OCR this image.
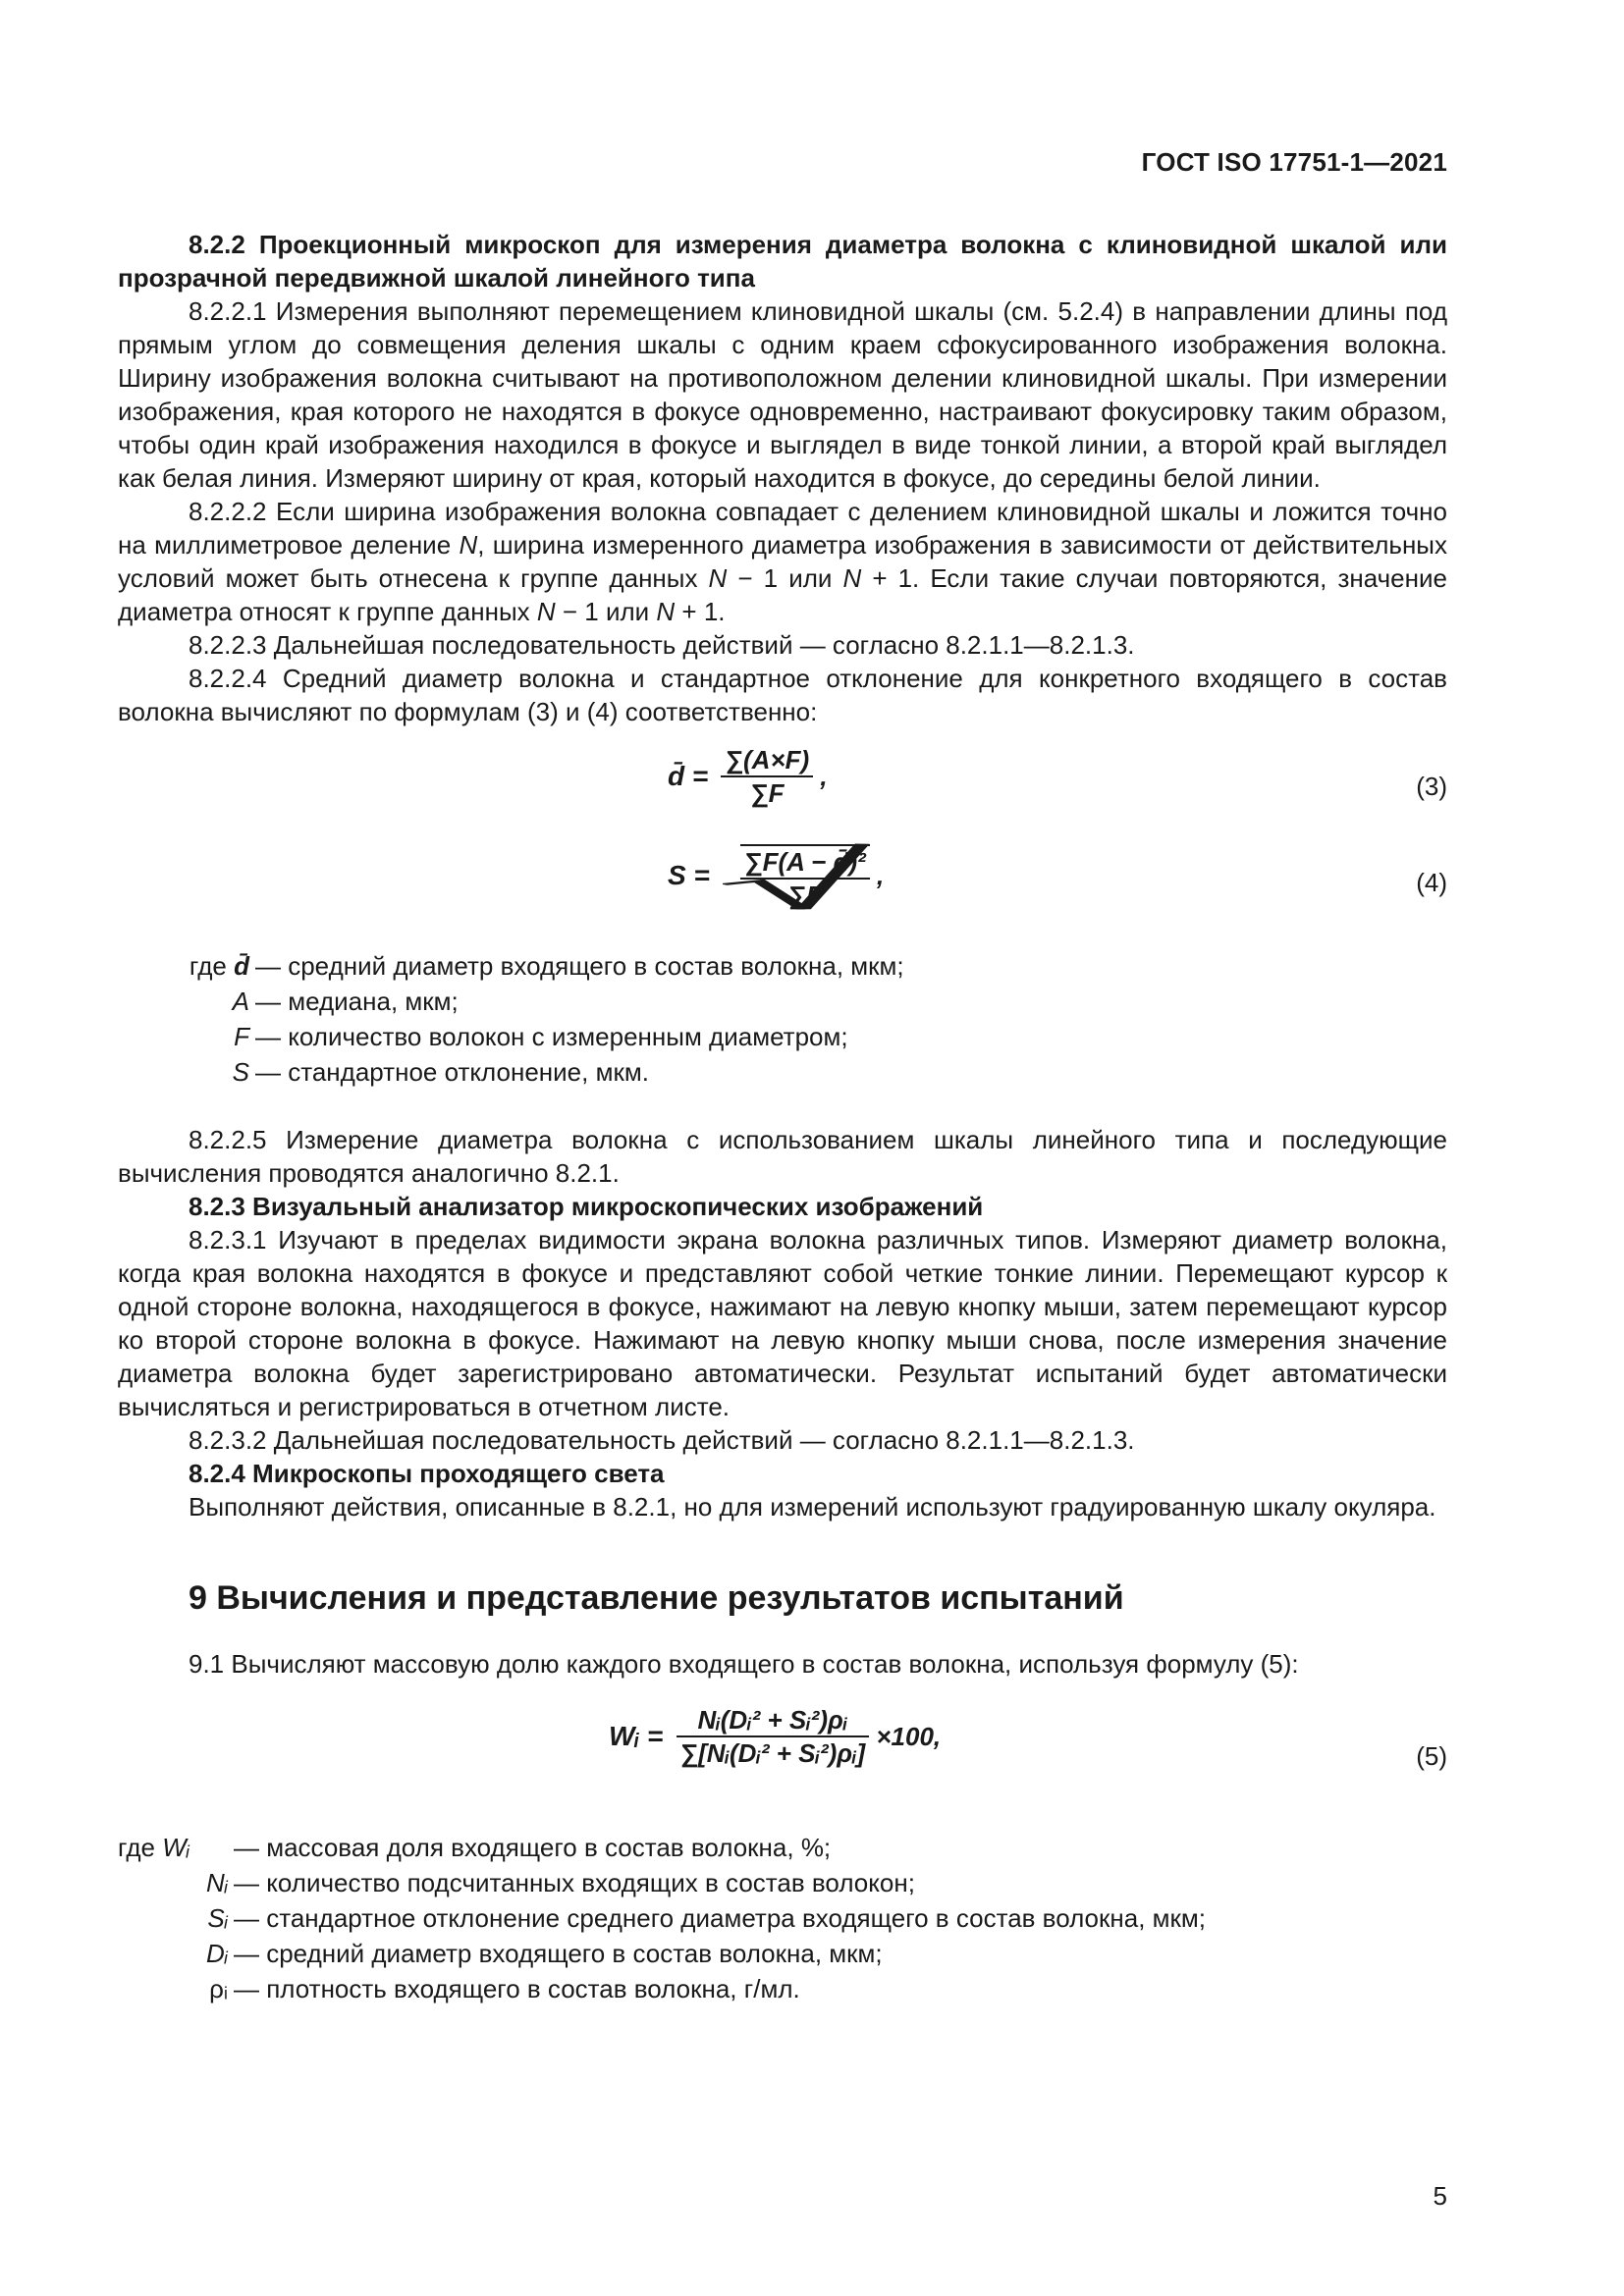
ГОСТ ISO 17751-1—2021

8.2.2 Проекционный микроскоп для измерения диаметра волокна с клиновидной шкалой или прозрачной передвижной шкалой линейного типа

8.2.2.1 Измерения выполняют перемещением клиновидной шкалы (см. 5.2.4) в направлении длины под прямым углом до совмещения деления шкалы с одним краем сфокусированного изображения волокна. Ширину изображения волокна считывают на противоположном делении клиновидной шкалы. При измерении изображения, края которого не находятся в фокусе одновременно, настраивают фокусировку таким образом, чтобы один край изображения находился в фокусе и выглядел в виде тонкой линии, а второй край выглядел как белая линия. Измеряют ширину от края, который находится в фокусе, до середины белой линии.

8.2.2.2 Если ширина изображения волокна совпадает с делением клиновидной шкалы и ложится точно на миллиметровое деление N, ширина измеренного диаметра изображения в зависимости от действительных условий может быть отнесена к группе данных N − 1 или N + 1. Если такие случаи повторяются, значение диаметра относят к группе данных N − 1 или N + 1.

8.2.2.3 Дальнейшая последовательность действий — согласно 8.2.1.1—8.2.1.3.

8.2.2.4 Средний диаметр волокна и стандартное отклонение для конкретного входящего в состав волокна вычисляют по формулам (3) и (4) соответственно:

d̄ = $\frac{\sum(A\times F)}{\sum F}$ ,	(3)
$S = \frac{\text{∑F(A − d̄)²}}{\sum F}$ ,	(4)
где d̄ — средний диаметр входящего в состав волокна, мкм;
A — медиана, мкм;
F — количество волокон с измеренным диаметром;
S — стандартное отклонение, мкм.

8.2.2.5 Измерение диаметра волокна с использованием шкалы линейного типа и последующие вычисления проводятся аналогично 8.2.1.

8.2.3 Визуальный анализатор микроскопических изображений

8.2.3.1 Изучают в пределах видимости экрана волокна различных типов. Измеряют диаметр волокна, когда края волокна находятся в фокусе и представляют собой четкие тонкие линии. Перемещают курсор к одной стороне волокна, находящегося в фокусе, нажимают на левую кнопку мыши, затем перемещают курсор ко второй стороне волокна в фокусе. Нажимают на левую кнопку мыши снова, после измерения значение диаметра волокна будет зарегистрировано автоматически. Результат испытаний будет автоматически вычисляться и регистрироваться в отчетном листе.

8.2.3.2 Дальнейшая последовательность действий — согласно 8.2.1.1—8.2.1.3.

8.2.4 Микроскопы проходящего света

Выполняют действия, описанные в 8.2.1, но для измерений используют градуированную шкалу окуляра.

9 Вычисления и представление результатов испытаний

9.1 Вычисляют массовую долю каждого входящего в состав волокна, используя формулу (5):

Wᵢ = $\frac{\text{Nᵢ(Dᵢ² + Sᵢ²)ρᵢ}}{\text{∑[Nᵢ(Dᵢ² + Sᵢ²)ρᵢ]}} \times 100$,
(5)
где Wᵢ	— массовая доля входящего в состав волокна, %;
Nᵢ — количество подсчитанных входящих в состав волокон;
Sᵢ — стандартное отклонение среднего диаметра входящего в состав волокна, мкм;
Dᵢ — средний диаметр входящего в состав волокна, мкм;
ρᵢ — плотность входящего в состав волокна, г/мл.
5
